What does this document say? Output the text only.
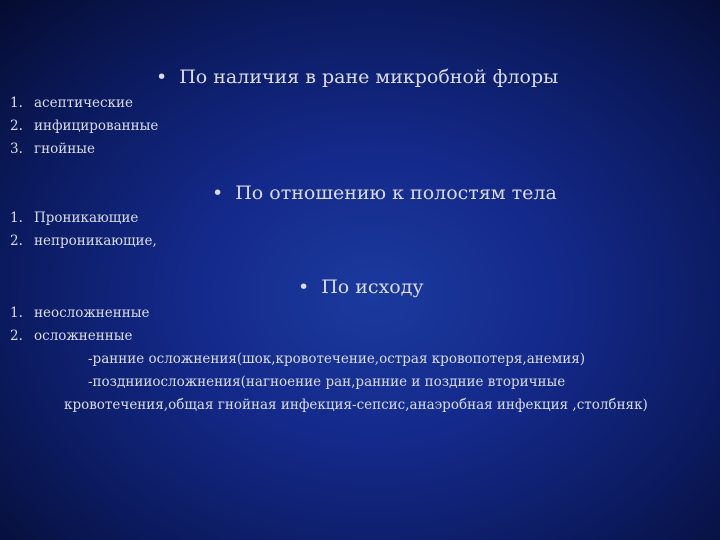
• По наличия в ране микробной флоры
1. асептические
2. инфицированные
3. гнойные
• По отношению к полостям тела
1. Проникающие
2. непроникающие,
• По исходу
1. неосложненные
2. осложненные
-ранние осложнения(шок,кровотечение,острая кровопотеря,анемия)
-позднииосложнения(нагноение ран,ранние и поздние вторичные
кровотечения,общая гнойная инфекция-сепсис,анаэробная инфекция ,столбняк)
